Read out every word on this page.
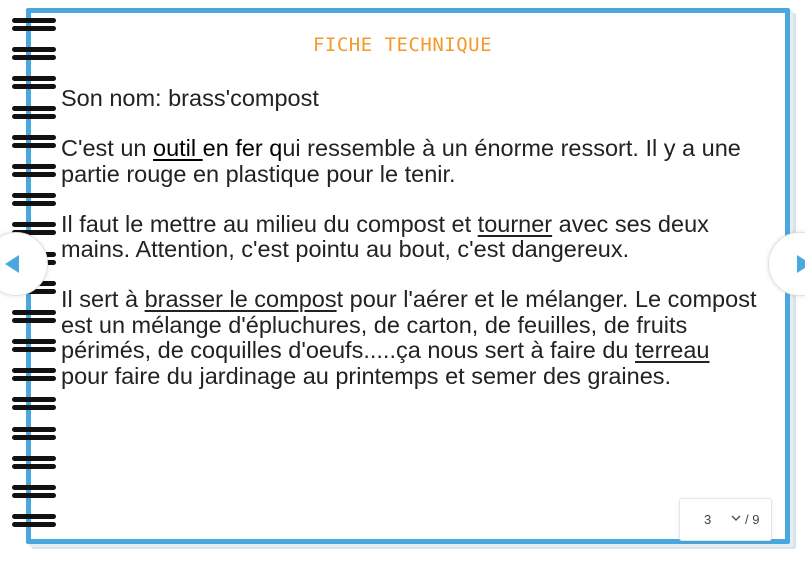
FICHE TECHNIQUE

Son nom: brass'compost

C'est un outil en fer qui ressemble à un énorme ressort. Il y a une partie rouge en plastique pour le tenir.

Il faut le mettre au milieu du compost et tourner avec ses deux mains. Attention, c'est pointu au bout, c'est dangereux.

Il sert à brasser le compost pour l'aérer et le mélanger. Le compost est un mélange d'épluchures, de carton, de feuilles, de fruits périmés, de coquilles d'oeufs.....ça nous sert à faire du terreau pour faire du jardinage au printemps et semer des graines.

3	/ 9
